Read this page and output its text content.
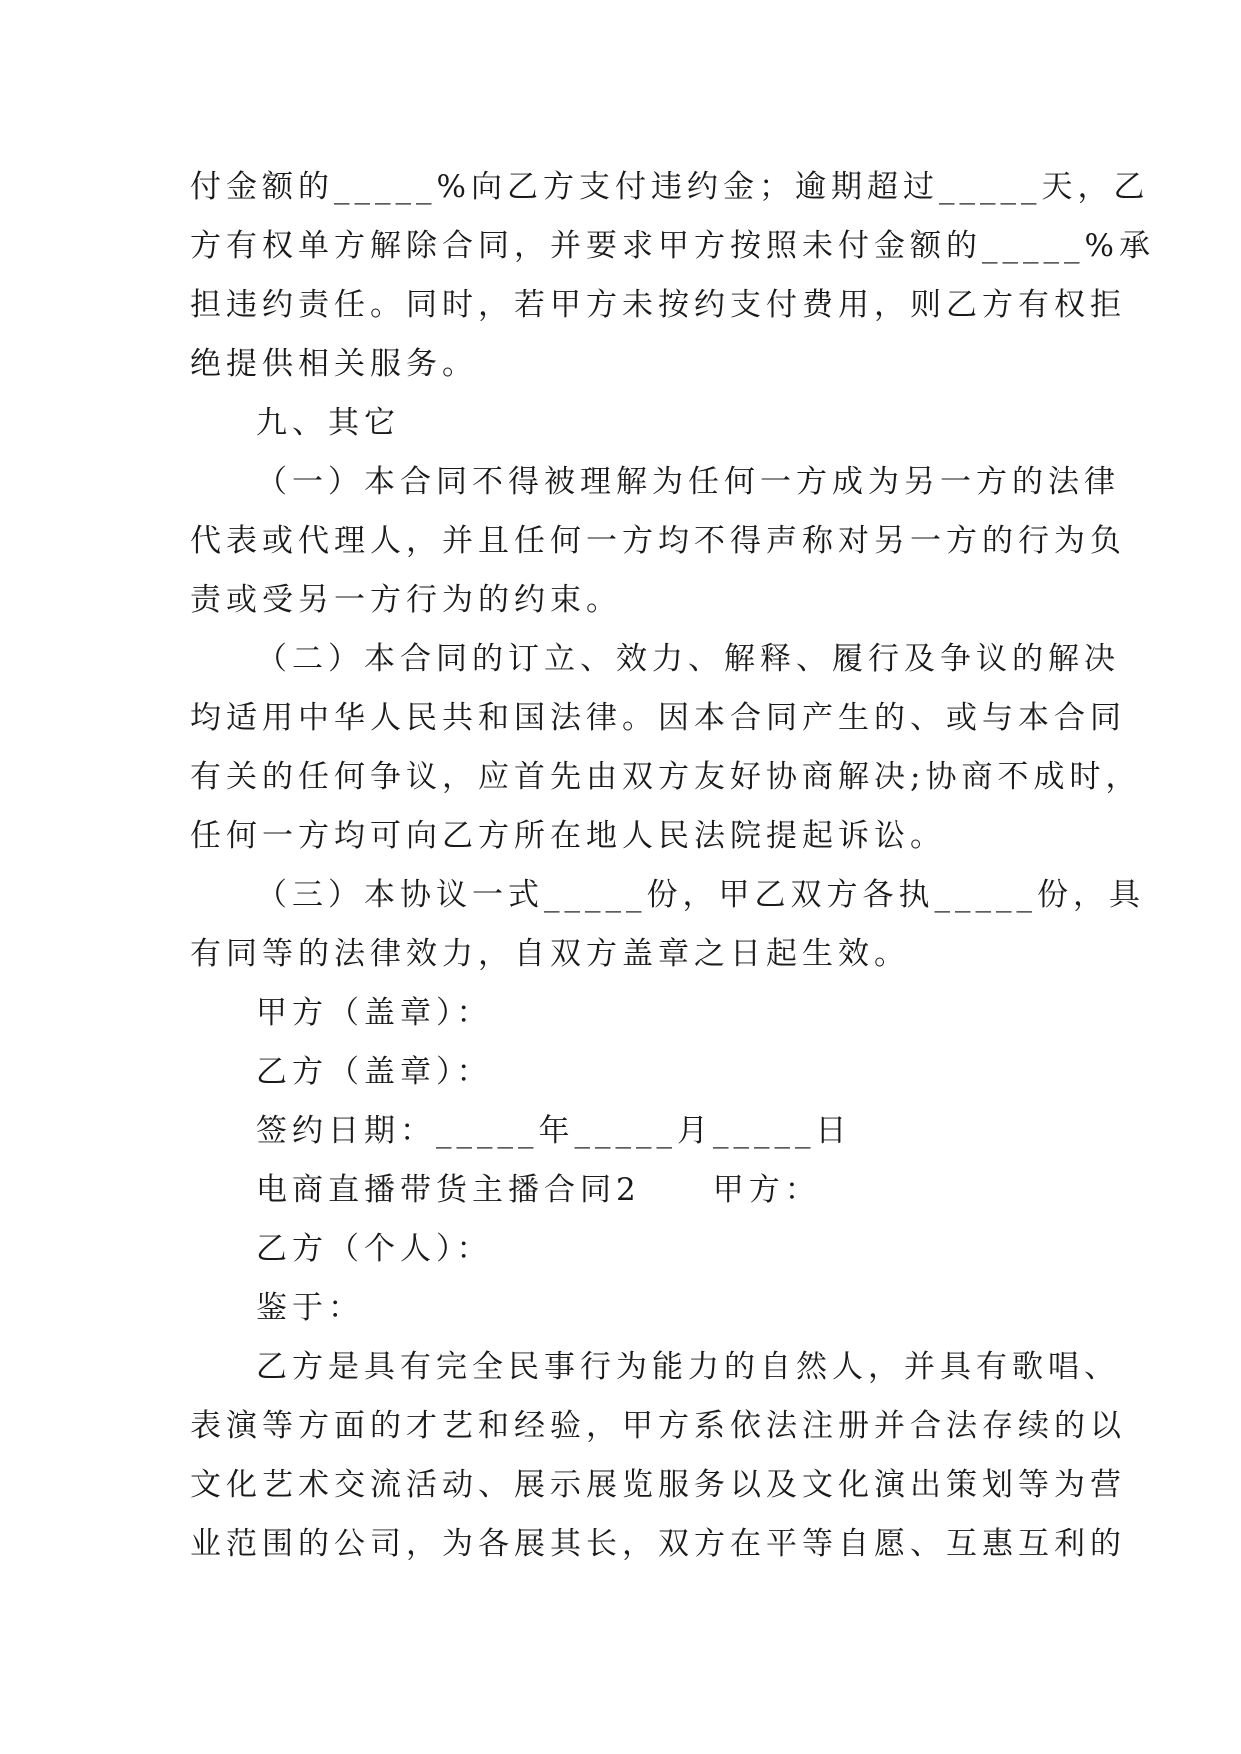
付金额的_____%向乙方支付违约金；逾期超过_____天，乙
方有权单方解除合同，并要求甲方按照未付金额的_____%承
担违约责任。同时，若甲方未按约支付费用，则乙方有权拒
绝提供相关服务。
九、其它
（一）本合同不得被理解为任何一方成为另一方的法律
代表或代理人，并且任何一方均不得声称对另一方的行为负
责或受另一方行为的约束。
（二）本合同的订立、效力、解释、履行及争议的解决
均适用中华人民共和国法律。因本合同产生的、或与本合同
有关的任何争议，应首先由双方友好协商解决;协商不成时，
任何一方均可向乙方所在地人民法院提起诉讼。
（三）本协议一式_____份，甲乙双方各执_____份，具
有同等的法律效力，自双方盖章之日起生效。
甲方（盖章）：
乙方（盖章）：
签约日期：_____年_____月_____日
电商直播带货主播合同2　　甲方：
乙方（个人）：
鉴于：
乙方是具有完全民事行为能力的自然人，并具有歌唱、
表演等方面的才艺和经验，甲方系依法注册并合法存续的以
文化艺术交流活动、展示展览服务以及文化演出策划等为营
业范围的公司，为各展其长，双方在平等自愿、互惠互利的
